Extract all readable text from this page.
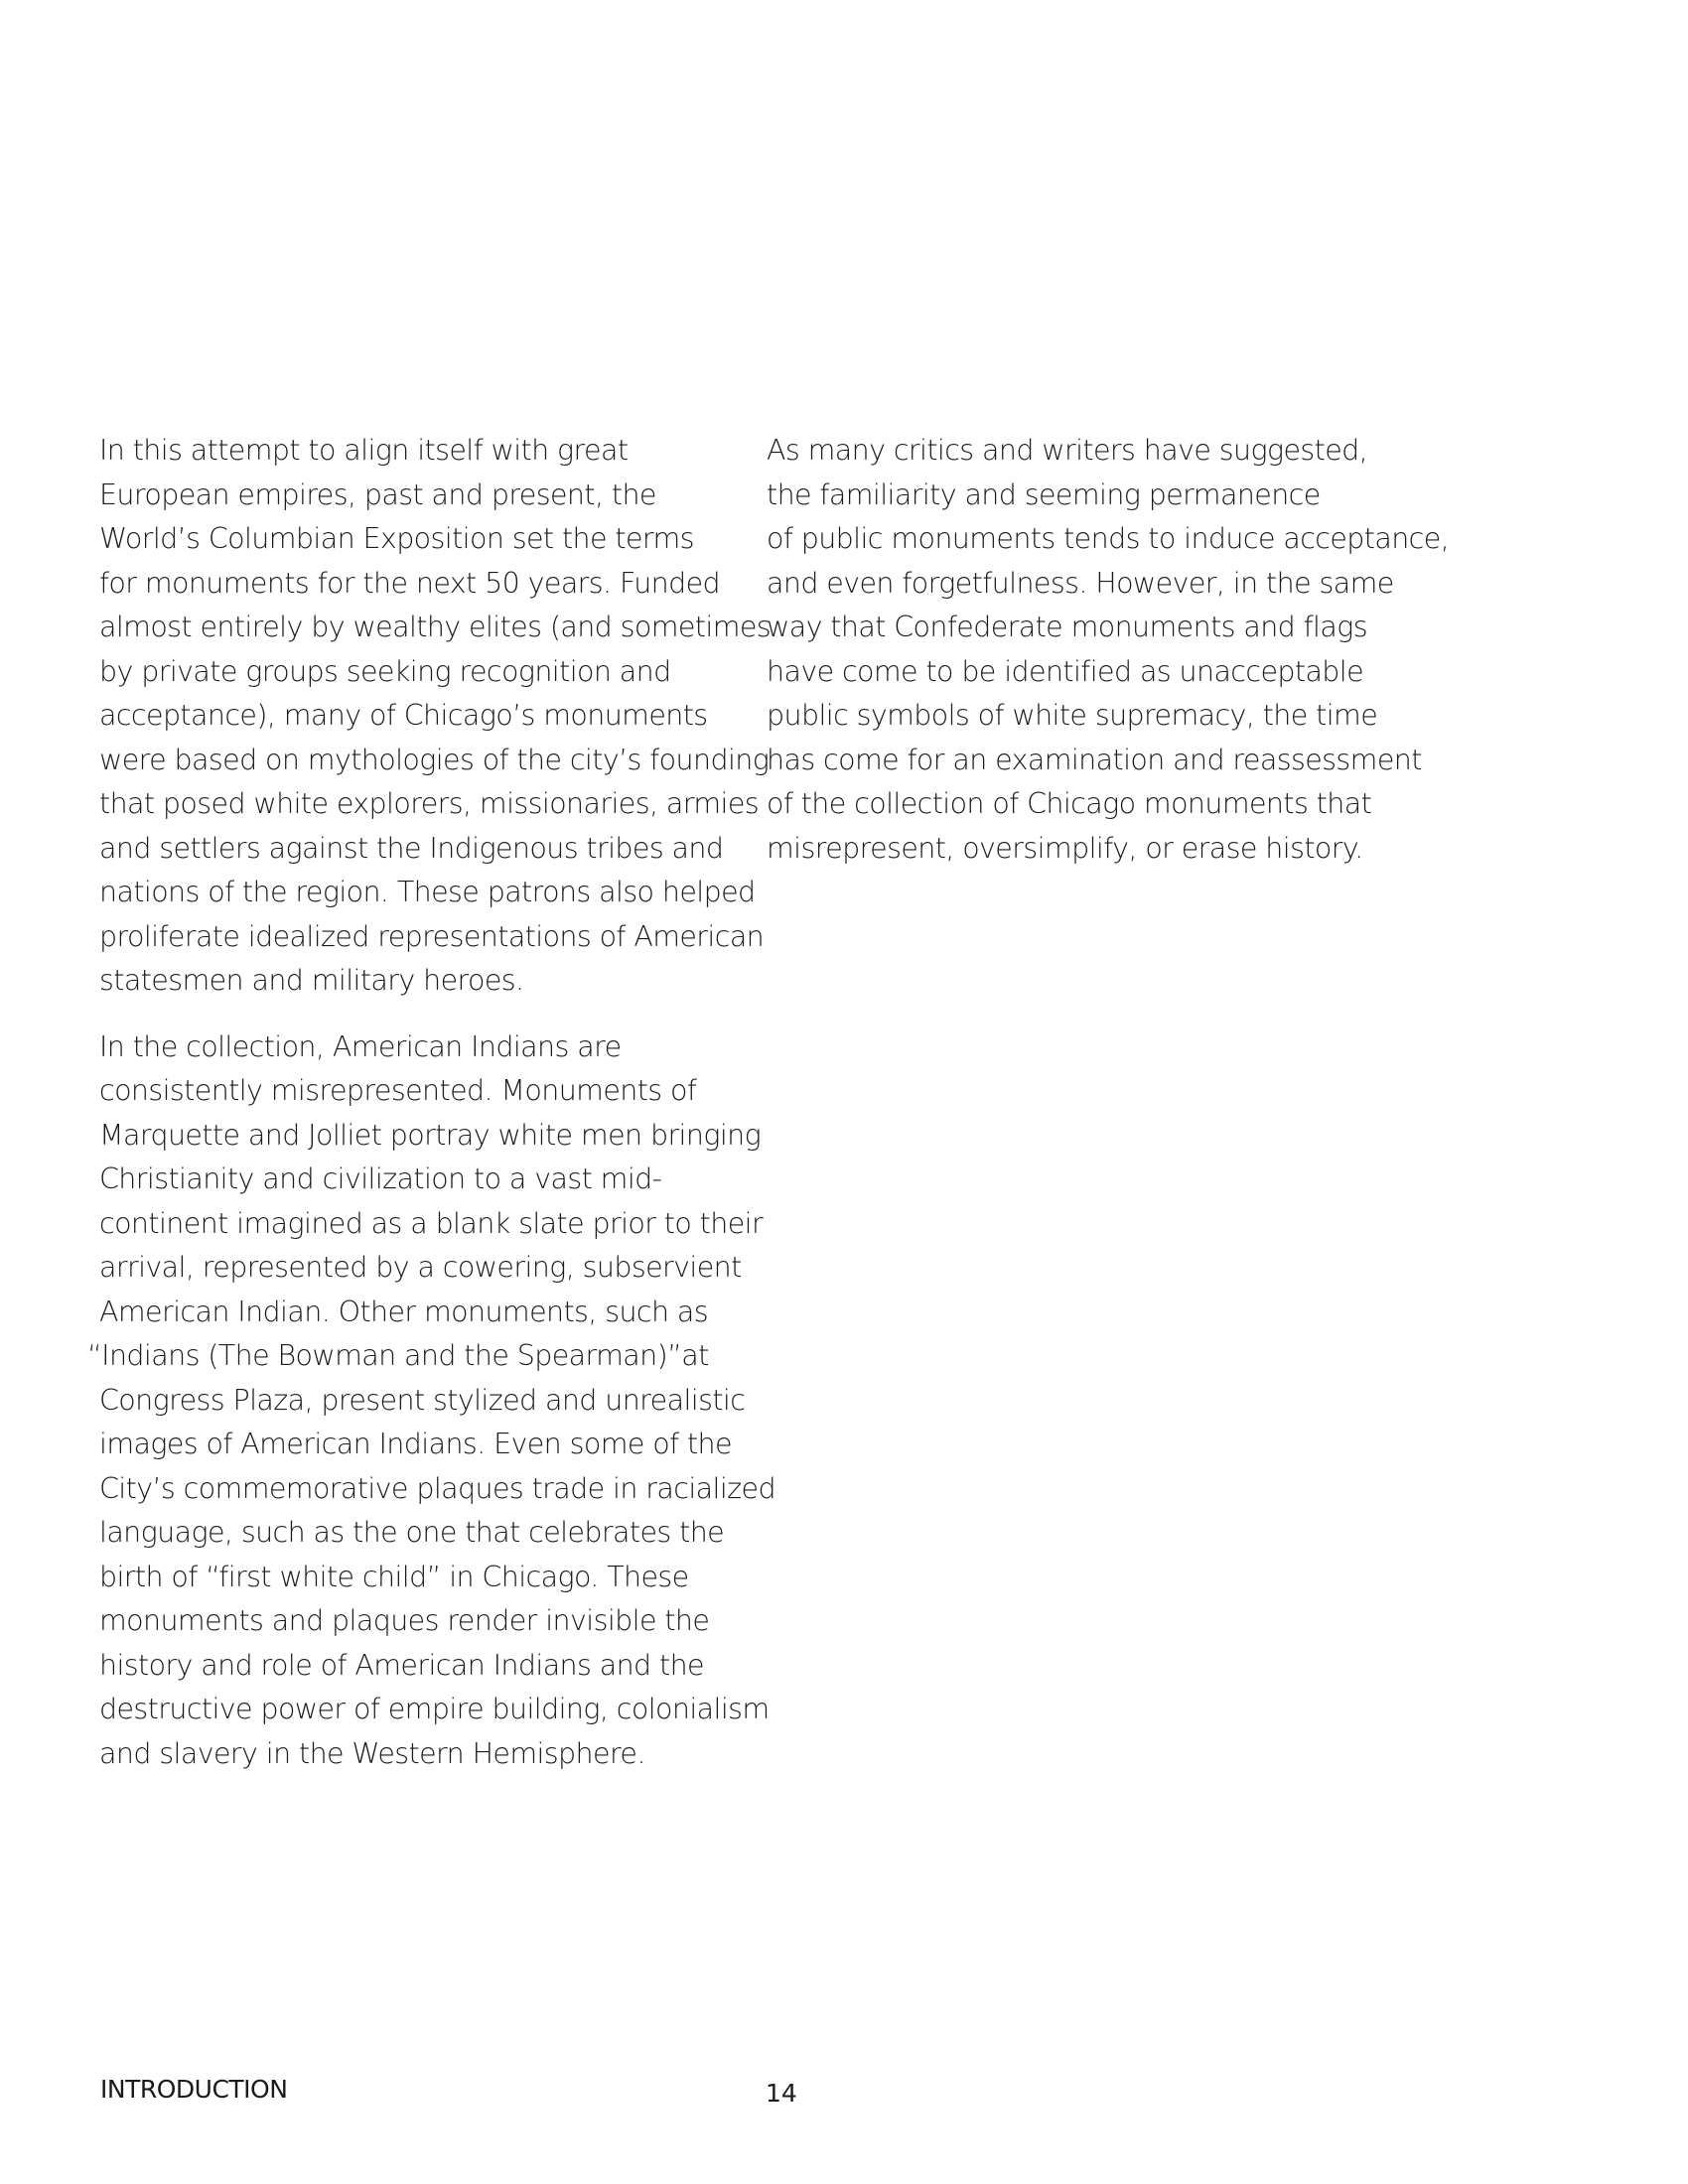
In this attempt to align itself with great
European empires, past and present, the
World’s Columbian Exposition set the terms
for monuments for the next 50 years. Funded
almost entirely by wealthy elites (and sometimes
by private groups seeking recognition and
acceptance), many of Chicago’s monuments
were based on mythologies of the city’s founding
that posed white explorers, missionaries, armies
and settlers against the Indigenous tribes and
nations of the region. These patrons also helped
proliferate idealized representations of American
statesmen and military heroes.

In the collection, American Indians are
consistently misrepresented. Monuments of
Marquette and Jolliet portray white men bringing
Christianity and civilization to a vast mid-
continent imagined as a blank slate prior to their
arrival, represented by a cowering, subservient
American Indian. Other monuments, such as
“Indians (The Bowman and the Spearman)”at
Congress Plaza, present stylized and unrealistic
images of American Indians. Even some of the
City’s commemorative plaques trade in racialized
language, such as the one that celebrates the
birth of “first white child” in Chicago. These
monuments and plaques render invisible the
history and role of American Indians and the
destructive power of empire building, colonialism
and slavery in the Western Hemisphere.

As many critics and writers have suggested,
the familiarity and seeming permanence
of public monuments tends to induce acceptance,
and even forgetfulness. However, in the same
way that Confederate monuments and flags
have come to be identified as unacceptable
public symbols of white supremacy, the time
has come for an examination and reassessment
of the collection of Chicago monuments that
misrepresent, oversimplify, or erase history.

INTRODUCTION	14
